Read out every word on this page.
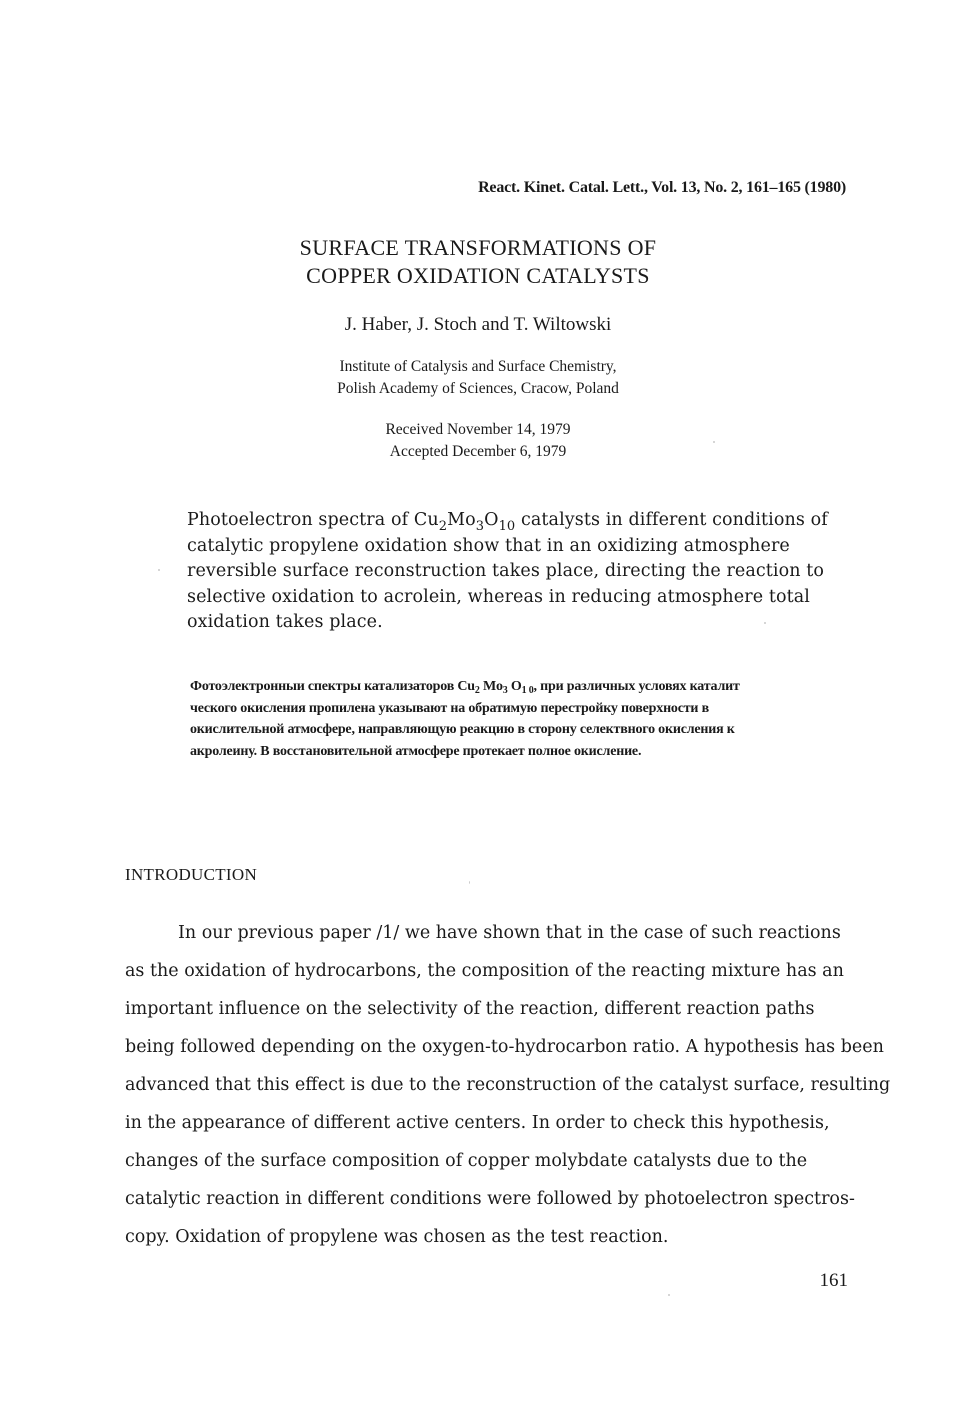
React. Kinet. Catal. Lett., Vol. 13, No. 2, 161–165 (1980)
SURFACE TRANSFORMATIONS OF
COPPER OXIDATION CATALYSTS
J. Haber, J. Stoch and T. Wiltowski
Institute of Catalysis and Surface Chemistry,
Polish Academy of Sciences, Cracow, Poland
Received November 14, 1979
Accepted December 6, 1979
Photoelectron spectra of $Cu_2Mo_3O_{10}$ catalysts in different conditions of
catalytic propylene oxidation show that in an oxidizing atmosphere
reversible surface reconstruction takes place, directing the reaction to
selective oxidation to acrolein, whereas in reducing atmosphere total
oxidation takes place.
Фотоэлектронныи спектры катализаторов $Cu_2$ $Mo_3$ $O_{1 0}$, при различных условях каталит
ческого окисления пропилена указывают на обратимую перестройку поверхности в
окислительной атмосфере, направляющую реакцию в сторону селектвного окисления к
акролеину. В восстановительной атмосфере протекает полное окисление.
INTRODUCTION
In our previous paper /1/ we have shown that in the case of such reactions
as the oxidation of hydrocarbons, the composition of the reacting mixture has an
important influence on the selectivity of the reaction, different reaction paths
being followed depending on the oxygen-to-hydrocarbon ratio. A hypothesis has been
advanced that this effect is due to the reconstruction of the catalyst surface, resulting
in the appearance of different active centers. In order to check this hypothesis,
changes of the surface composition of copper molybdate catalysts due to the
catalytic reaction in different conditions were followed by photoelectron spectros-
copy. Oxidation of propylene was chosen as the test reaction.
161
